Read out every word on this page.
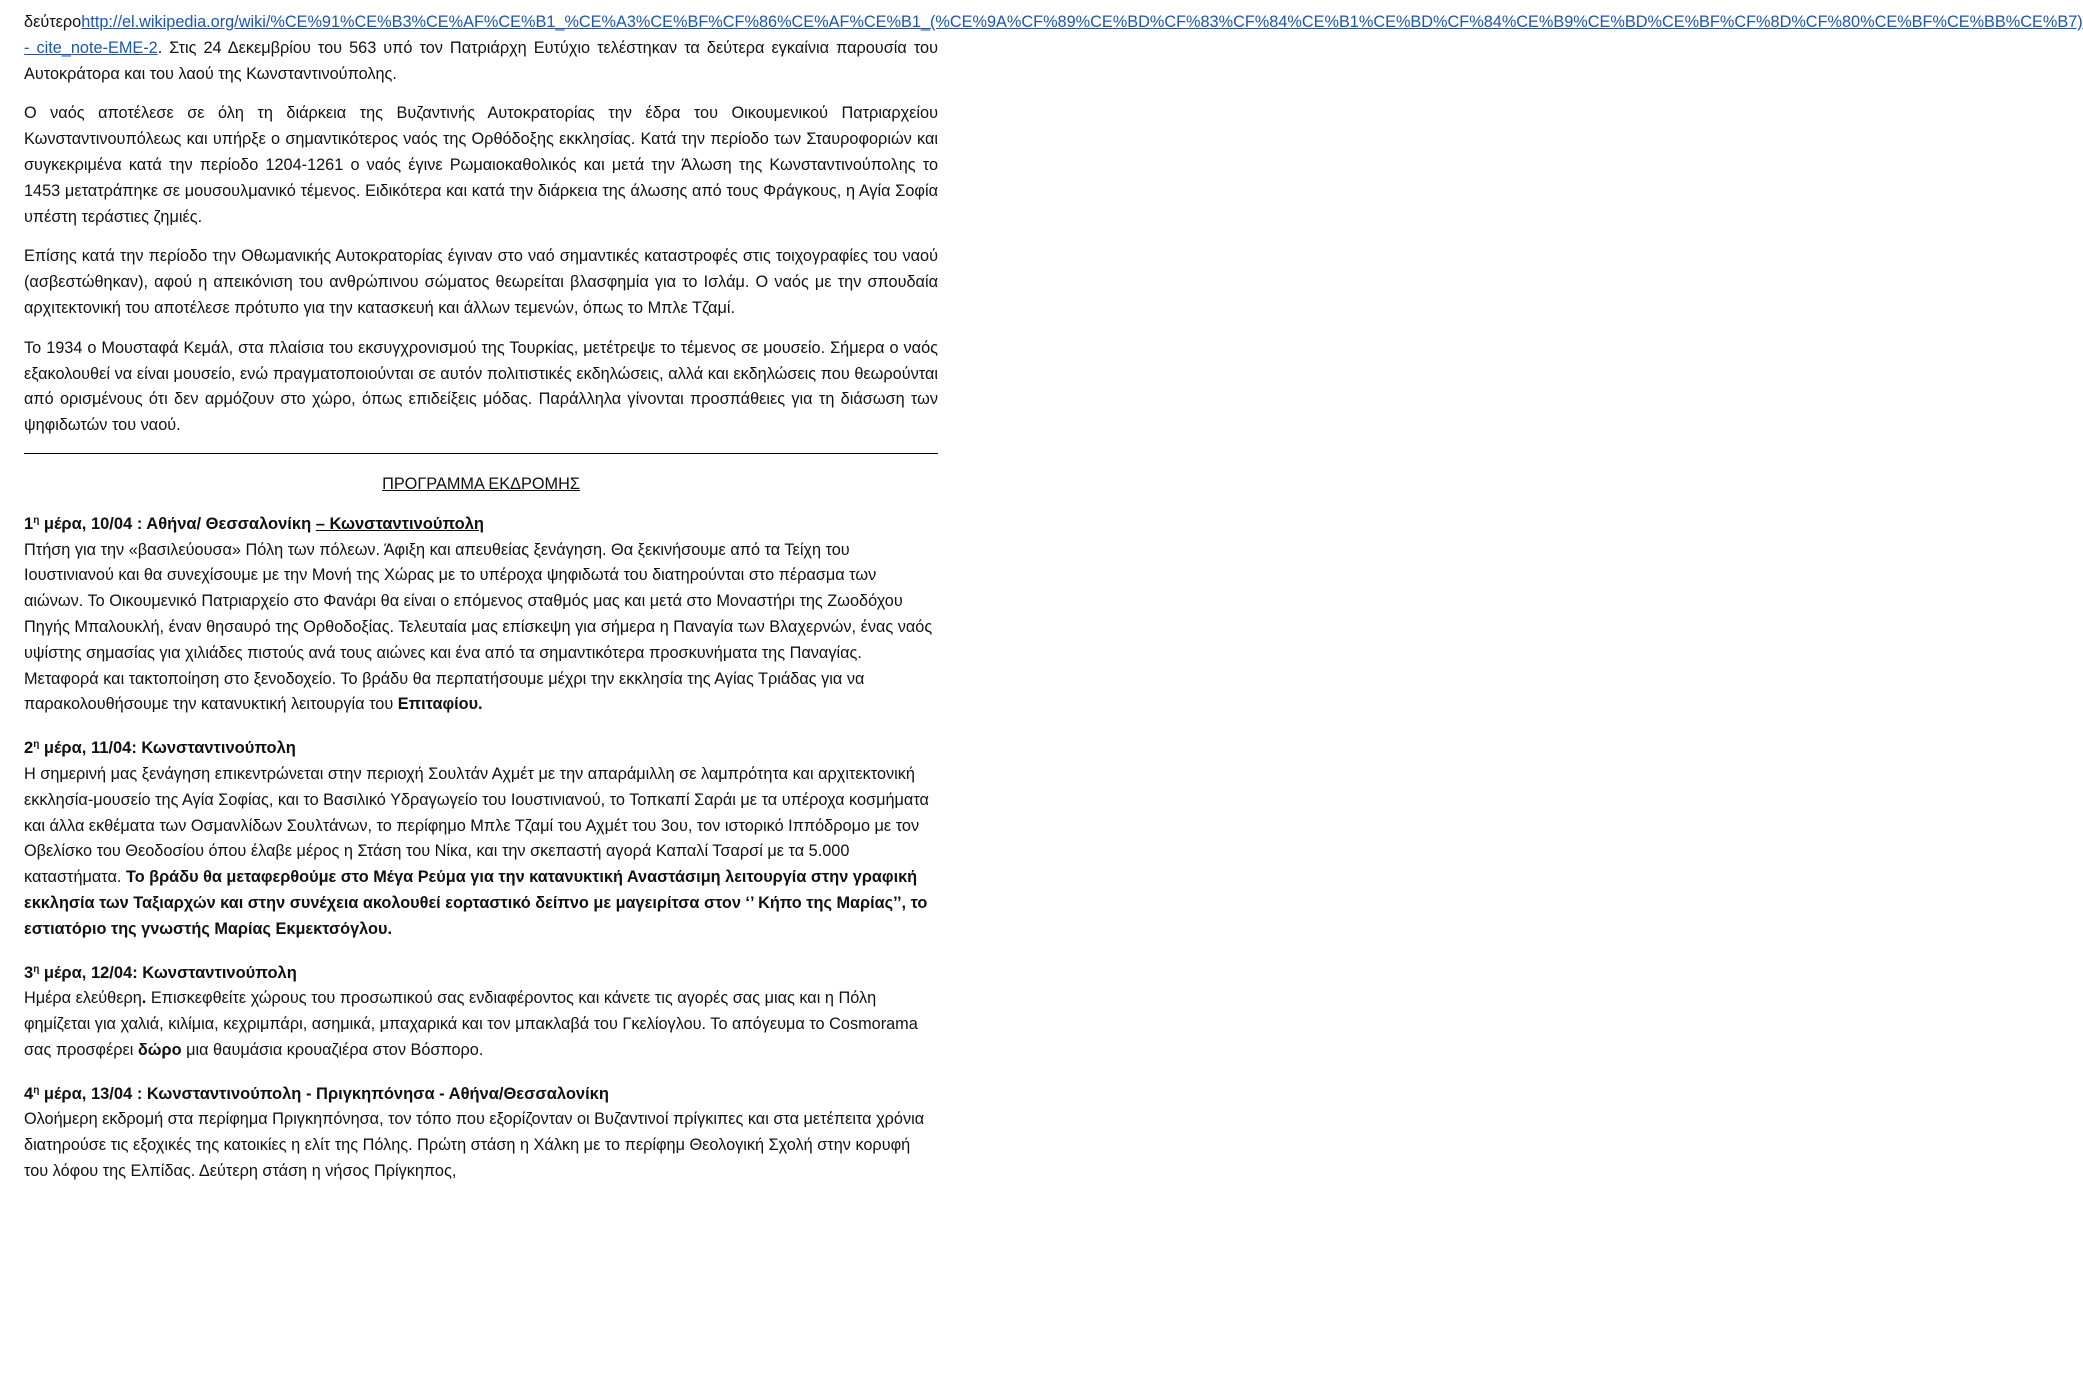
δεύτεροhttp://el.wikipedia.org/wiki/%CE%91%CE%B3%CE%AF%CE%B1_%CE%A3%CE%BF%CF%86%CE%AF%CE%B1_(%CE%9A%CF%89%CE%BD%CF%83%CF%84%CE%B1%CE%BD%CF%84%CE%B9%CE%BD%CE%BF%CF%8D%CF%80%CE%BF%CE%BB%CE%B7) - cite_note-EME-2. Στις 24 Δεκεμβρίου του 563 υπό τον Πατριάρχη Ευτύχιο τελέστηκαν τα δεύτερα εγκαίνια παρουσία του Αυτοκράτορα και του λαού της Κωνσταντινούπολης.

Ο ναός αποτέλεσε σε όλη τη διάρκεια της Βυζαντινής Αυτοκρατορίας την έδρα του Οικουμενικού Πατριαρχείου Κωνσταντινουπόλεως και υπήρξε ο σημαντικότερος ναός της Ορθόδοξης εκκλησίας. Κατά την περίοδο των Σταυροφοριών και συγκεκριμένα κατά την περίοδο 1204-1261 ο ναός έγινε Ρωμαιοκαθολικός και μετά την Άλωση της Κωνσταντινούπολης το 1453 μετατράπηκε σε μουσουλμανικό τέμενος. Ειδικότερα και κατά την διάρκεια της άλωσης από τους Φράγκους, η Αγία Σοφία υπέστη τεράστιες ζημιές.

Επίσης κατά την περίοδο την Οθωμανικής Αυτοκρατορίας έγιναν στο ναό σημαντικές καταστροφές στις τοιχογραφίες του ναού (ασβεστώθηκαν), αφού η απεικόνιση του ανθρώπινου σώματος θεωρείται βλασφημία για το Ισλάμ. Ο ναός με την σπουδαία αρχιτεκτονική του αποτέλεσε πρότυπο για την κατασκευή και άλλων τεμενών, όπως το Μπλε Τζαμί.

Το 1934 ο Μουσταφά Κεμάλ, στα πλαίσια του εκσυγχρονισμού της Τουρκίας, μετέτρεψε το τέμενος σε μουσείο. Σήμερα ο ναός εξακολουθεί να είναι μουσείο, ενώ πραγματοποιούνται σε αυτόν πολιτιστικές εκδηλώσεις, αλλά και εκδηλώσεις που θεωρούνται από ορισμένους ότι δεν αρμόζουν στο χώρο, όπως επιδείξεις μόδας. Παράλληλα γίνονται προσπάθειες για τη διάσωση των ψηφιδωτών του ναού.

ΠΡΟΓΡΑΜΜΑ ΕΚΔΡΟΜΗΣ
$1^\eta$ μέρα, 10/04 : Αθήνα/ Θεσσαλονίκη – Κωνσταντινούπολη

Πτήση για την «βασιλεύουσα» Πόλη των πόλεων. Άφιξη και απευθείας ξενάγηση. Θα ξεκινήσουμε από τα Τείχη του Ιουστινιανού και θα συνεχίσουμε με την Μονή της Χώρας με το υπέροχα ψηφιδωτά του διατηρούνται στο πέρασμα των αιώνων. Το Οικουμενικό Πατριαρχείο στο Φανάρι θα είναι ο επόμενος σταθμός μας και μετά στο Μοναστήρι της Ζωοδόχου Πηγής Μπαλουκλή, έναν θησαυρό της Ορθοδοξίας. Τελευταία μας επίσκεψη για σήμερα η Παναγία των Βλαχερνών, ένας ναός υψίστης σημασίας για χιλιάδες πιστούς ανά τους αιώνες και ένα από τα σημαντικότερα προσκυνήματα της Παναγίας. Μεταφορά και τακτοποίηση στο ξενοδοχείο. Το βράδυ θα περπατήσουμε μέχρι την εκκλησία της Αγίας Τριάδας για να παρακολουθήσουμε την κατανυκτική λειτουργία του Επιταφίου.

$2^\eta$ μέρα, 11/04: Κωνσταντινούπολη

Η σημερινή μας ξενάγηση επικεντρώνεται στην περιοχή Σουλτάν Αχμέτ με την απαράμιλλη σε λαμπρότητα και αρχιτεκτονική εκκλησία-μουσείο της Αγία Σοφίας, και το Βασιλικό Υδραγωγείο του Ιουστινιανού, το Τοπκαπί Σαράι με τα υπέροχα κοσμήματα και άλλα εκθέματα των Οσμανλίδων Σουλτάνων, το περίφημο Μπλε Τζαμί του Αχμέτ του 3ου, τον ιστορικό Ιππόδρομο με τον Οβελίσκο του Θεοδοσίου όπου έλαβε μέρος η Στάση του Νίκα, και την σκεπαστή αγορά Καπαλί Τσαρσί με τα 5.000 καταστήματα. Το βράδυ θα μεταφερθούμε στο Μέγα Ρεύμα για την κατανυκτική Αναστάσιμη λειτουργία στην γραφική εκκλησία των Ταξιαρχών και στην συνέχεια ακολουθεί εορταστικό δείπνο με μαγειρίτσα στον ‘’ Κήπο της Μαρίας’’, το εστιατόριο της γνωστής Μαρίας Εκμεκτσόγλου.

$3^\eta$ μέρα, 12/04: Κωνσταντινούπολη

Ημέρα ελεύθερη. Επισκεφθείτε χώρους του προσωπικού σας ενδιαφέροντος και κάνετε τις αγορές σας μιας και η Πόλη φημίζεται για χαλιά, κιλίμια, κεχριμπάρι, ασημικά, μπαχαρικά και τον μπακλαβά του Γκελίογλου. Το απόγευμα το Cosmorama σας προσφέρει δώρο μια θαυμάσια κρουαζιέρα στον Βόσπορο.

$4^\eta$ μέρα, 13/04 : Κωνσταντινούπολη - Πριγκηπόνησα - Αθήνα/Θεσσαλονίκη

Ολοήμερη εκδρομή στα περίφημα Πριγκηπόνησα, τον τόπο που εξορίζονταν οι Βυζαντινοί πρίγκιπες και στα μετέπειτα χρόνια διατηρούσε τις εξοχικές της κατοικίες η ελίτ της Πόλης. Πρώτη στάση η Χάλκη με το περίφημ Θεολογική Σχολή στην κορυφή του λόφου της Ελπίδας. Δεύτερη στάση η νήσος Πρίγκηπος,
